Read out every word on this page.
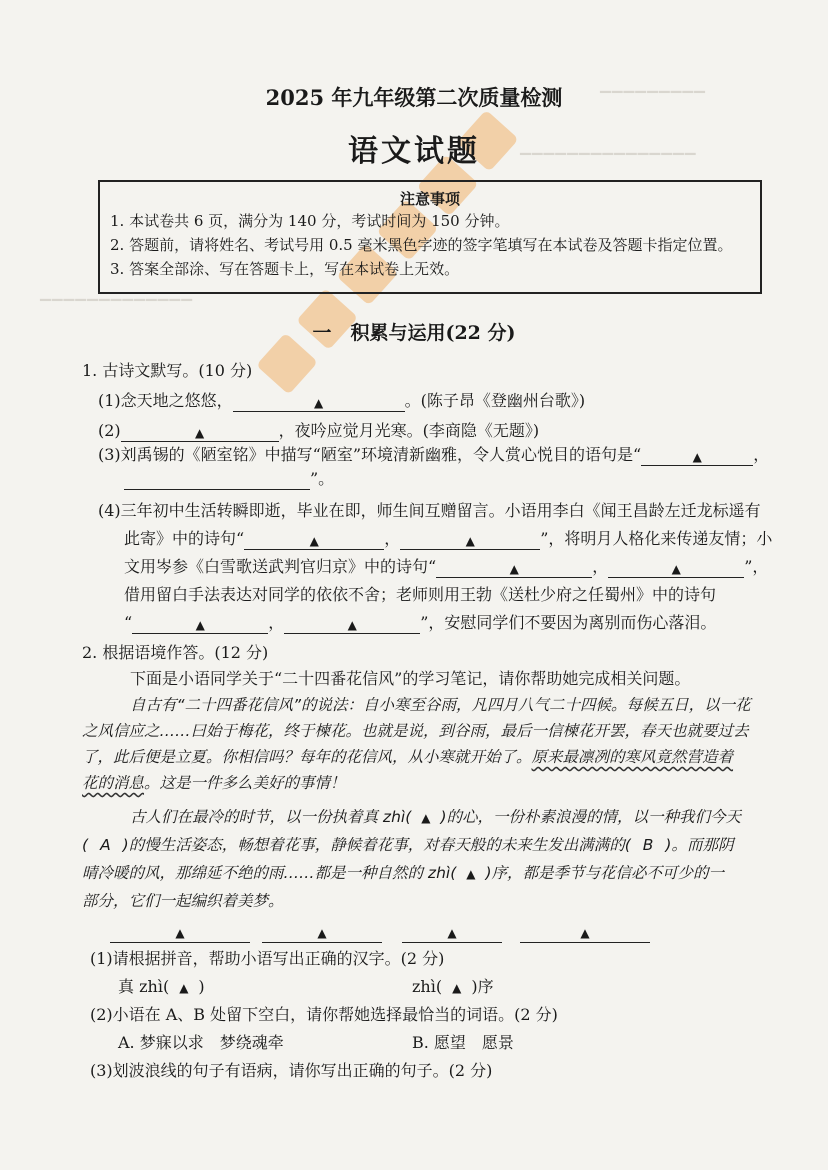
▔▔▔▔▔▔▔▔▔
▔▔▔▔▔▔▔▔▔▔▔▔▔▔▔
▔▔▔▔▔▔▔▔▔▔▔▔▔
2025 年九年级第二次质量检测
语文试题
注意事项
1. 本试卷共 6 页，满分为 140 分，考试时间为 150 分钟。
2. 答题前，请将姓名、考试号用 0.5 毫米黑色字迹的签字笔填写在本试卷及答题卡指定位置。
3. 答案全部涂、写在答题卡上，写在本试卷上无效。
一　积累与运用(22 分)
1. 古诗文默写。(10 分)
(1)念天地之悠悠，	▲	。(陈子昂《登幽州台歌》)
(2)	▲	，夜吟应觉月光寒。(李商隐《无题》)
(3)刘禹锡的《陋室铭》中描写“陋室”环境清新幽雅，令人赏心悦目的语句是“	▲	，
”。
(4)三年初中生活转瞬即逝，毕业在即，师生间互赠留言。小语用李白《闻王昌龄左迁龙标遥有
此寄》中的诗句“	▲	，	▲	”，将明月人格化来传递友情；小
文用岑参《白雪歌送武判官归京》中的诗句“	▲	，	▲	”，
借用留白手法表达对同学的依依不舍；老师则用王勃《送杜少府之任蜀州》中的诗句
“	▲	，	▲	”，安慰同学们不要因为离别而伤心落泪。
2. 根据语境作答。(12 分)
下面是小语同学关于“二十四番花信风”的学习笔记，请你帮助她完成相关问题。
自古有“二十四番花信风”的说法：自小寒至谷雨，凡四月八气二十四候。每候五日，以一花
之风信应之……曰始于梅花，终于楝花。也就是说，到谷雨，最后一信楝花开罢，春天也就要过去
了，此后便是立夏。你相信吗？每年的花信风，从小寒就开始了。原来最凛冽的寒风竟然营造着
花的消息。这是一件多么美好的事情！
古人们在最冷的时节，以一份执着真 zhì( ▲ )的心，一份朴素浪漫的情，以一种我们今天
( A )的慢生活姿态，畅想着花事，静候着花事，对春天般的未来生发出满满的( B )。而那阴
晴冷暖的风，那绵延不绝的雨……都是一种自然的 zhì( ▲ )序，都是季节与花信必不可少的一
部分，它们一起编织着美梦。
▲	▲	▲	▲
(1)请根据拼音，帮助小语写出正确的汉字。(2 分)
真 zhì( ▲ )	zhì( ▲ )序
(2)小语在 A、B 处留下空白，请你帮她选择最恰当的词语。(2 分)
A. 梦寐以求　梦绕魂牵	B. 愿望　愿景
(3)划波浪线的句子有语病，请你写出正确的句子。(2 分)
